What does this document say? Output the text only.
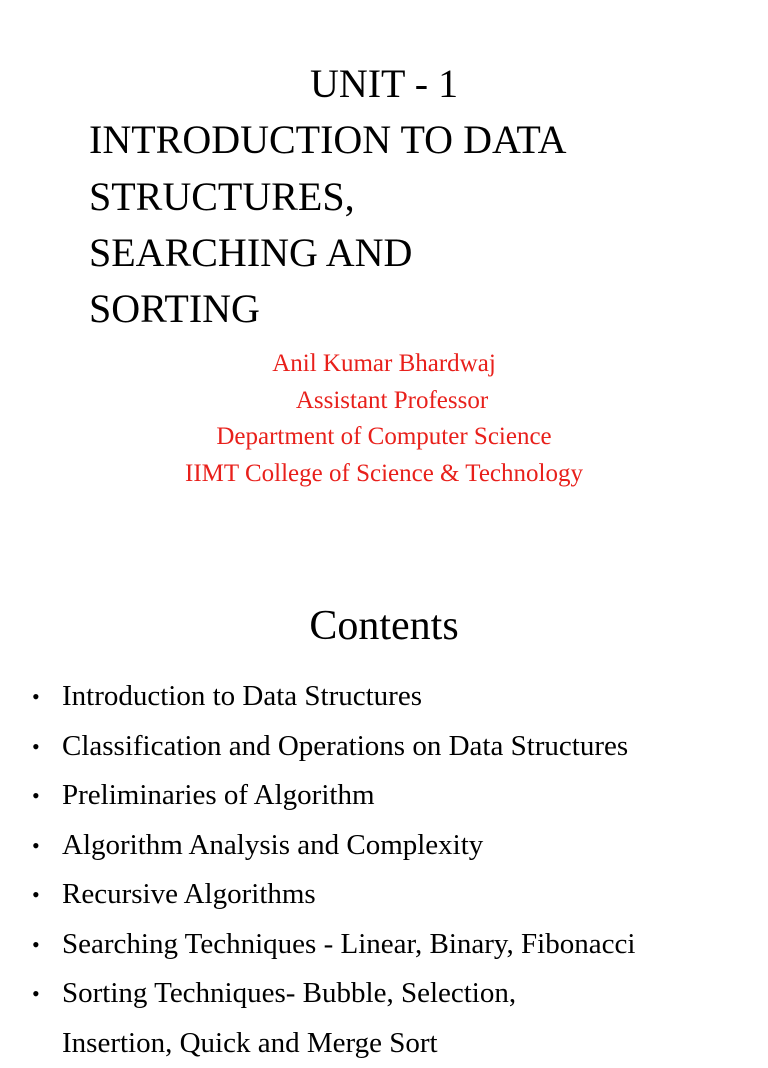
UNIT - 1
INTRODUCTION TO DATA
STRUCTURES,
SEARCHING AND
SORTING
Anil Kumar Bhardwaj
Assistant Professor
Department of Computer Science
IIMT College of Science & Technology
Contents
• Introduction to Data Structures
• Classification and Operations on Data Structures
• Preliminaries of Algorithm
• Algorithm Analysis and Complexity
• Recursive Algorithms
• Searching Techniques - Linear, Binary, Fibonacci
• Sorting Techniques- Bubble, Selection,
Insertion, Quick and Merge Sort
